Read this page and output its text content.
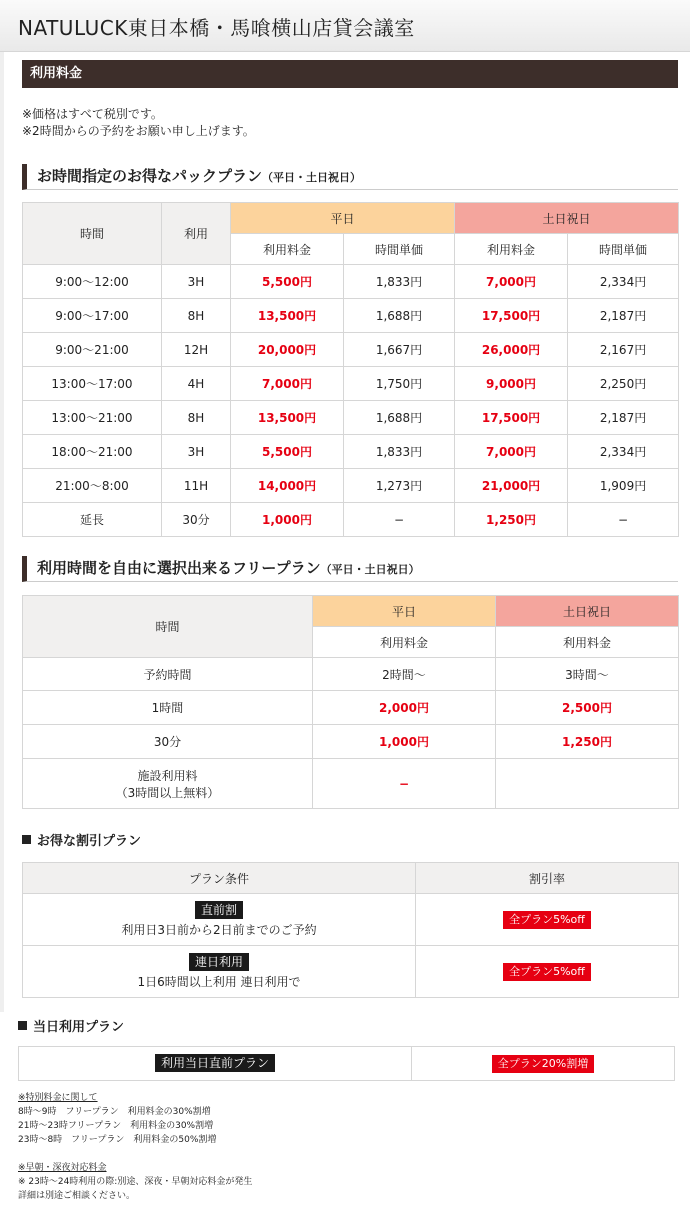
NATULUCK東日本橋・馬喰横山店貸会議室
利用料金
※価格はすべて税別です。
※2時間からの予約をお願い申し上げます。
お時間指定のお得なパックプラン（平日・土日祝日）
時間	利用	平日		土日祝日	
		利用料金	時間単価	利用料金	時間単価
9:00〜12:00	3H	5,500円	1,833円	7,000円	2,334円
9:00〜17:00	8H	13,500円	1,688円	17,500円	2,187円
9:00〜21:00	12H	20,000円	1,667円	26,000円	2,167円
13:00〜17:00	4H	7,000円	1,750円	9,000円	2,250円
13:00〜21:00	8H	13,500円	1,688円	17,500円	2,187円
18:00〜21:00	3H	5,500円	1,833円	7,000円	2,334円
21:00〜8:00	11H	14,000円	1,273円	21,000円	1,909円
延長	30分	1,000円	−	1,250円	−
利用時間を自由に選択出来るフリープラン（平日・土日祝日）
時間	平日	土日祝日
	利用料金	利用料金
予約時間	2時間〜	3時間〜
1時間	2,000円	2,500円
30分	1,000円	1,250円

施設利用料
（3時間以上無料）	−	
お得な割引プラン
プラン条件	割引率

直前割
利用日3日前から2日前までのご予約	全プラン5%off

連日利用
1日6時間以上利用 連日利用で	全プラン5%off
当日利用プラン
利用当日直前プラン	全プラン20%割増
※特別料金に関して
8時〜9時　フリープラン　利用料金の30%割増
21時〜23時フリープラン　利用料金の30%割増
23時〜8時　フリープラン　利用料金の50%割増
※早朝・深夜対応料金
※ 23時〜24時利用の際:別途、深夜・早朝対応料金が発生
詳細は別途ご相談ください。
